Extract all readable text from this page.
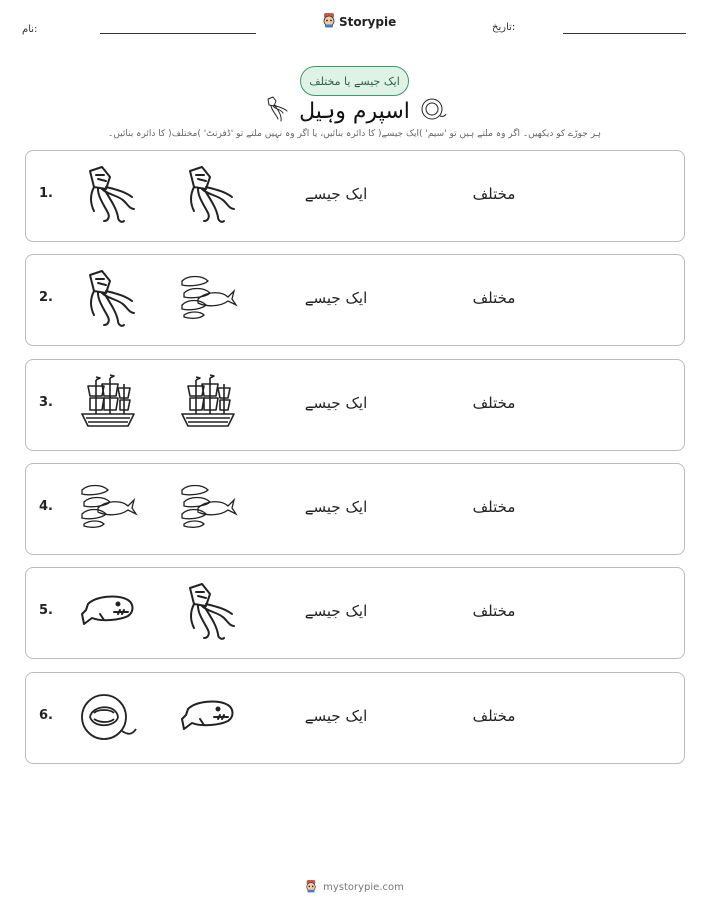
نام:
Storypie	تاریخ:
ایک جیسے یا مختلف
اسپرم وہیل
ہر جوڑے کو دیکھیں۔ اگر وہ ملتے ہیں تو 'سیم' )ایک جیسے( کا دائرہ بنائیں، یا اگر وہ نہیں ملتے تو 'ڈفرنٹ' )مختلف( کا دائرہ بنائیں۔
1.	ایک جیسے	مختلف
2.	ایک جیسے	مختلف
3.	ایک جیسے	مختلف
4.	ایک جیسے	مختلف
5.	ایک جیسے	مختلف
6.	ایک جیسے	مختلف
mystorypie.com
